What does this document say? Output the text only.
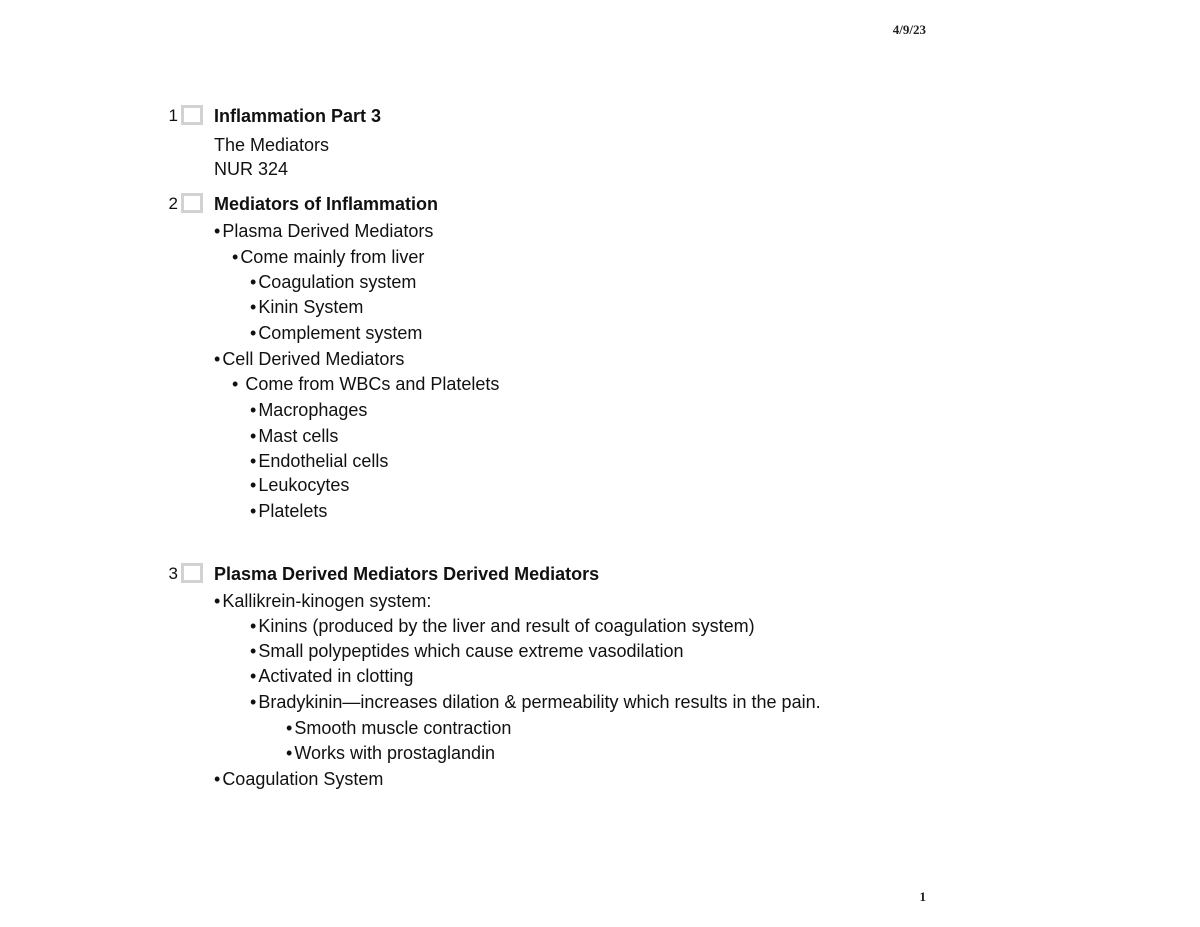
4/9/23
1 Inflammation Part 3
The Mediators
NUR 324
2 Mediators of Inflammation
• Plasma Derived Mediators
• Come mainly from liver
• Coagulation system
• Kinin System
• Complement system
• Cell Derived Mediators
• Come from WBCs and Platelets
• Macrophages
• Mast cells
• Endothelial cells
• Leukocytes
• Platelets
3 Plasma Derived Mediators Derived Mediators
• Kallikrein-kinogen system:
• Kinins (produced by the liver and result of coagulation system)
• Small polypeptides which cause extreme vasodilation
• Activated in clotting
• Bradykinin—increases dilation & permeability which results in the pain.
• Smooth muscle contraction
• Works with prostaglandin
• Coagulation System
1
